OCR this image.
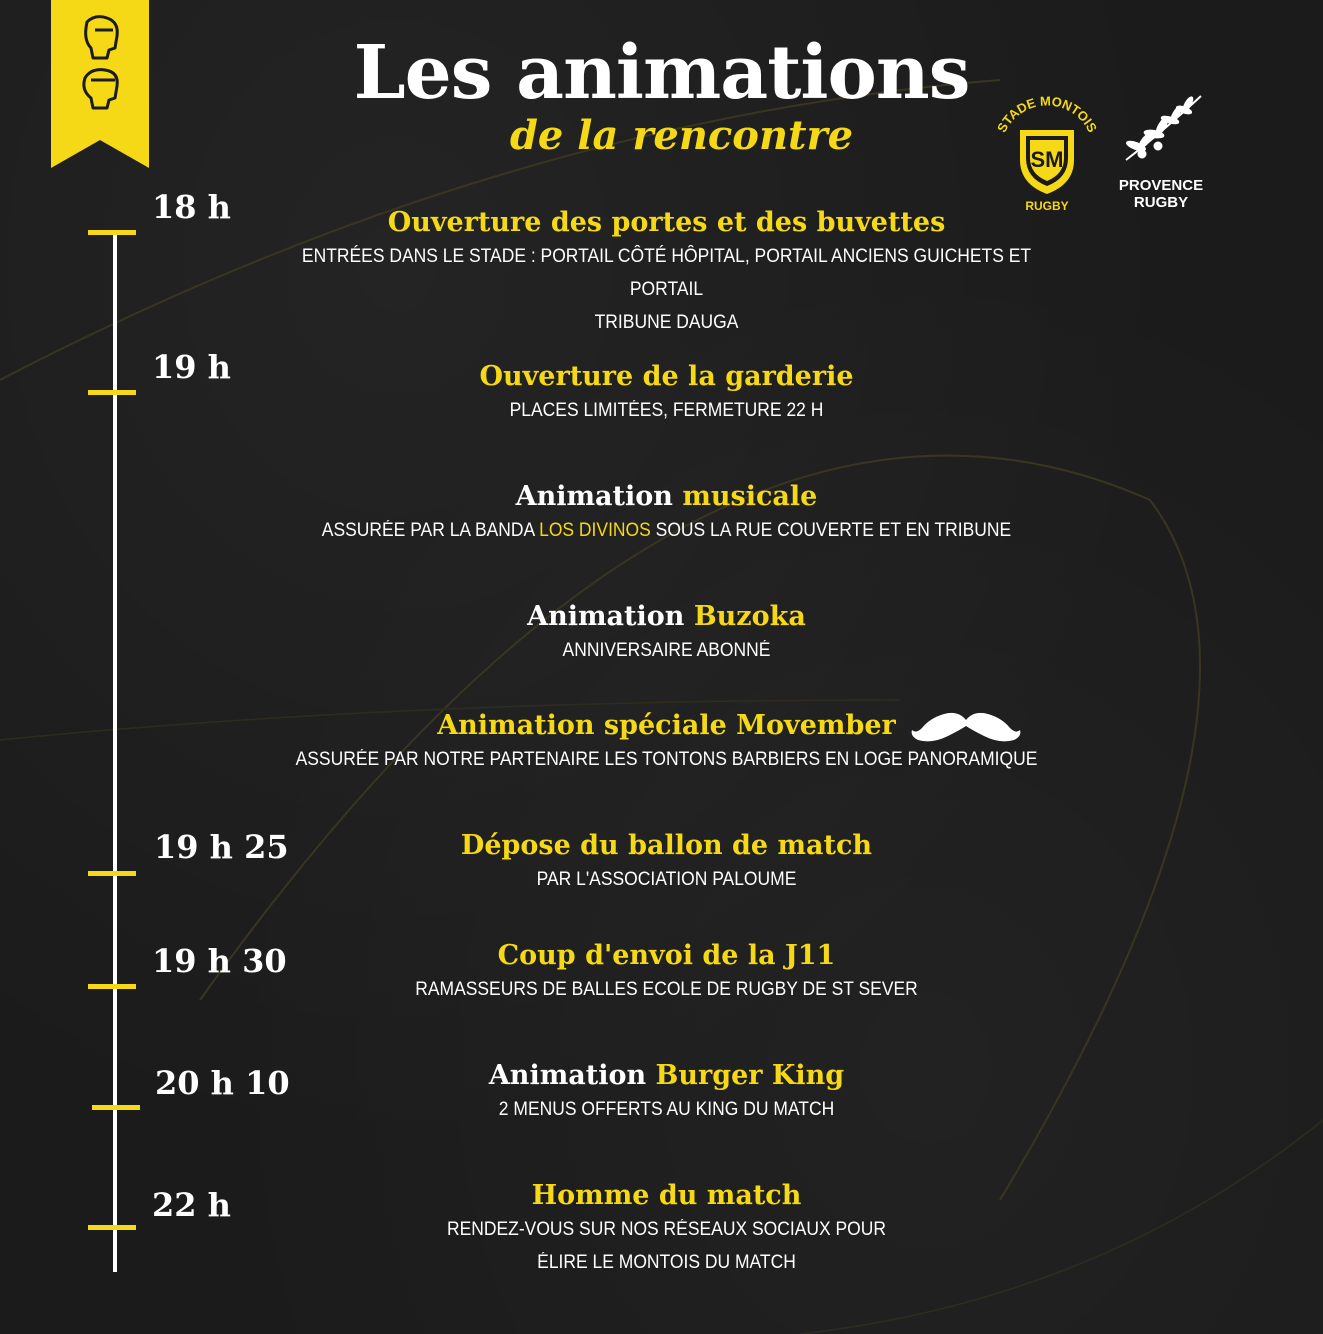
Les animations
de la rencontre	STADE MONTOIS
SM
RUGBY
PROVENCE
RUGBY
18 h
19 h
19 h 25
19 h 30
20 h 10
22 h
Ouverture des portes et des buvettes
ENTRÉES DANS LE STADE : PORTAIL CÔTÉ HÔPITAL, PORTAIL ANCIENS GUICHETS ET PORTAIL
TRIBUNE DAUGA
Ouverture de la garderie
PLACES LIMITÉES, FERMETURE 22 H
Animation musicale
ASSURÉE PAR LA BANDA LOS DIVINOS SOUS LA RUE COUVERTE ET EN TRIBUNE
Animation Buzoka
ANNIVERSAIRE ABONNÉ
Animation spéciale Movember
ASSURÉE PAR NOTRE PARTENAIRE LES TONTONS BARBIERS EN LOGE PANORAMIQUE
Dépose du ballon de match
PAR L'ASSOCIATION PALOUME
Coup d'envoi de la J11
RAMASSEURS DE BALLES ECOLE DE RUGBY DE ST SEVER
Animation Burger King
2 MENUS OFFERTS AU KING DU MATCH
Homme du match
RENDEZ-VOUS SUR NOS RÉSEAUX SOCIAUX POUR
ÉLIRE LE MONTOIS DU MATCH
